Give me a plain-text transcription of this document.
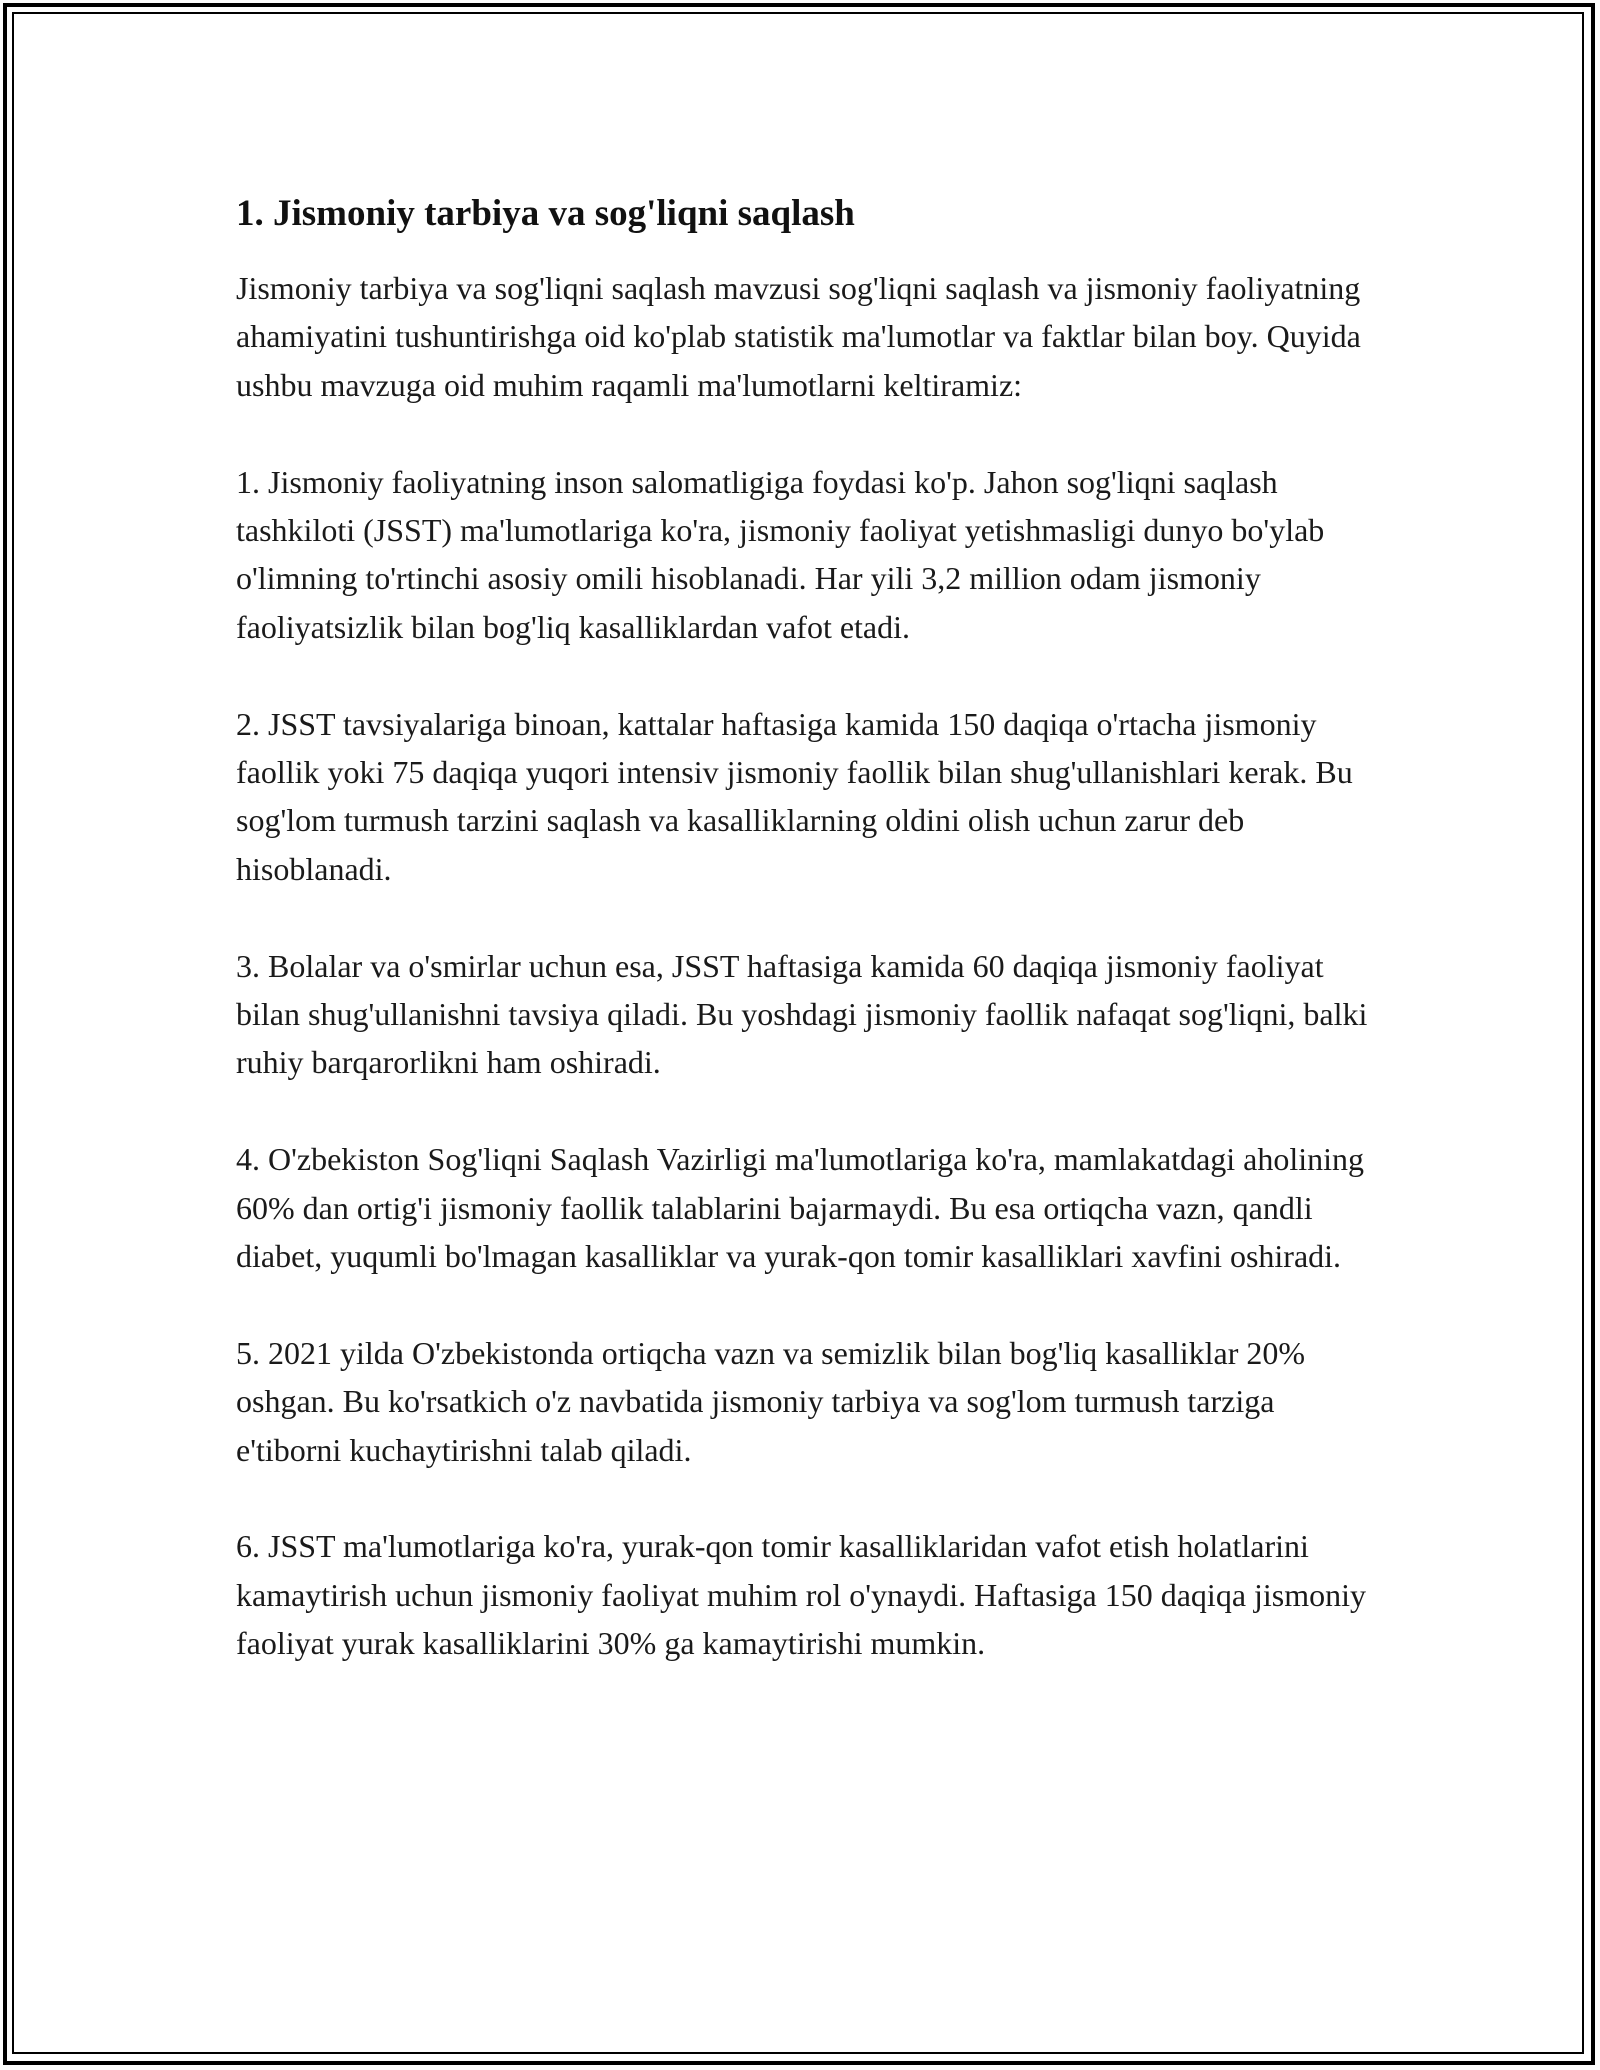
1. Jismoniy tarbiya va sog'liqni saqlash

Jismoniy tarbiya va sog'liqni saqlash mavzusi sog'liqni saqlash va jismoniy faoliyatning ahamiyatini tushuntirishga oid ko'plab statistik ma'lumotlar va faktlar bilan boy. Quyida ushbu mavzuga oid muhim raqamli ma'lumotlarni keltiramiz:

1. Jismoniy faoliyatning inson salomatligiga foydasi ko'p. Jahon sog'liqni saqlash tashkiloti (JSST) ma'lumotlariga ko'ra, jismoniy faoliyat yetishmasligi dunyo bo'ylab o'limning to'rtinchi asosiy omili hisoblanadi. Har yili 3,2 million odam jismoniy faoliyatsizlik bilan bog'liq kasalliklardan vafot etadi.

2. JSST tavsiyalariga binoan, kattalar haftasiga kamida 150 daqiqa o'rtacha jismoniy faollik yoki 75 daqiqa yuqori intensiv jismoniy faollik bilan shug'ullanishlari kerak. Bu sog'lom turmush tarzini saqlash va kasalliklarning oldini olish uchun zarur deb hisoblanadi.

3. Bolalar va o'smirlar uchun esa, JSST haftasiga kamida 60 daqiqa jismoniy faoliyat bilan shug'ullanishni tavsiya qiladi. Bu yoshdagi jismoniy faollik nafaqat sog'liqni, balki ruhiy barqarorlikni ham oshiradi.

4. O'zbekiston Sog'liqni Saqlash Vazirligi ma'lumotlariga ko'ra, mamlakatdagi aholining 60% dan ortig'i jismoniy faollik talablarini bajarmaydi. Bu esa ortiqcha vazn, qandli diabet, yuqumli bo'lmagan kasalliklar va yurak-qon tomir kasalliklari xavfini oshiradi.

5. 2021 yilda O'zbekistonda ortiqcha vazn va semizlik bilan bog'liq kasalliklar 20% oshgan. Bu ko'rsatkich o'z navbatida jismoniy tarbiya va sog'lom turmush tarziga e'tiborni kuchaytirishni talab qiladi.

6. JSST ma'lumotlariga ko'ra, yurak-qon tomir kasalliklaridan vafot etish holatlarini kamaytirish uchun jismoniy faoliyat muhim rol o'ynaydi. Haftasiga 150 daqiqa jismoniy faoliyat yurak kasalliklarini 30% ga kamaytirishi mumkin.
